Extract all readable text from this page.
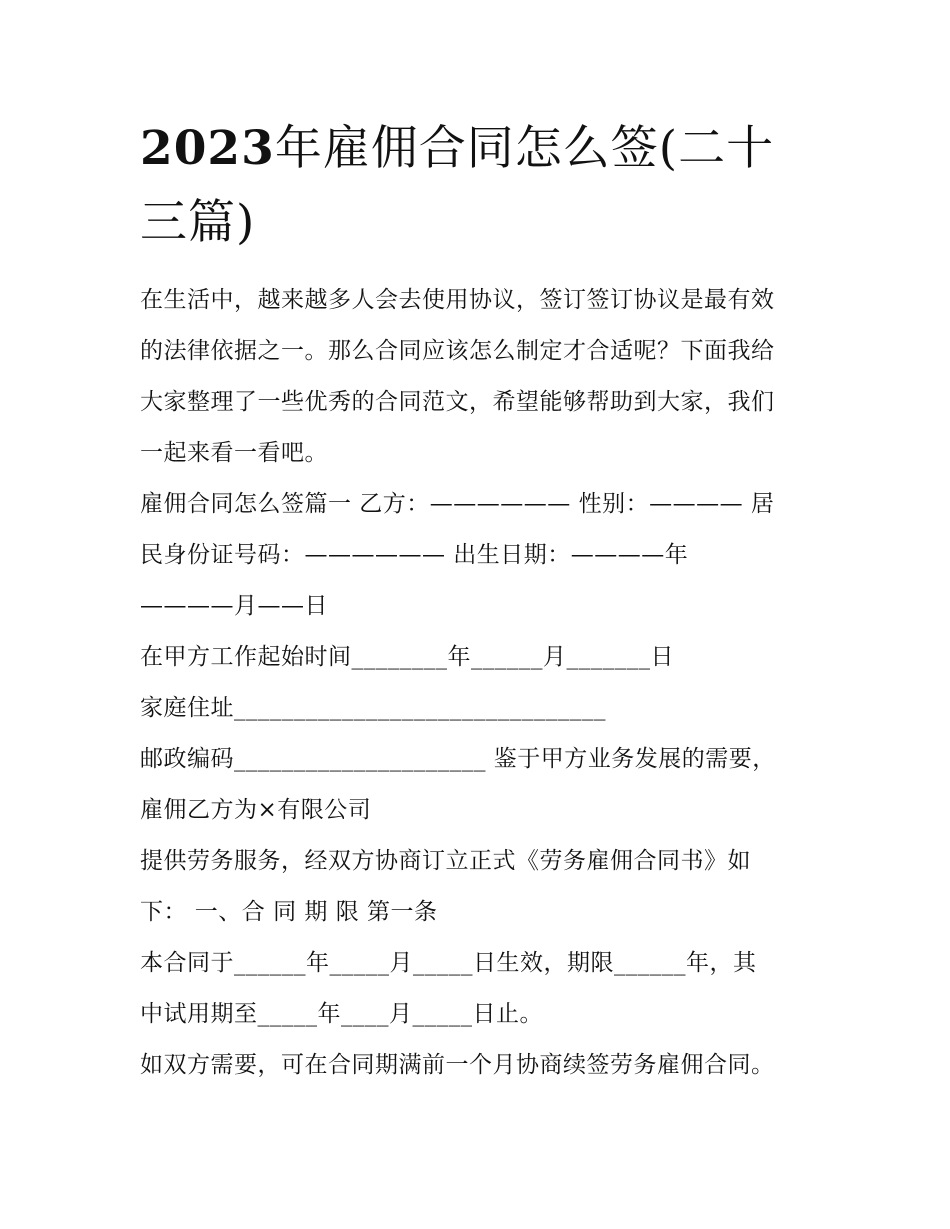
2023年雇佣合同怎么签(二十
三篇)
在生活中，越来越多人会去使用协议，签订签订协议是最有效
的法律依据之一。那么合同应该怎么制定才合适呢？下面我给
大家整理了一些优秀的合同范文，希望能够帮助到大家，我们
一起来看一看吧。
雇佣合同怎么签篇一 乙方：—————— 性别：———— 居
民身份证号码：—————— 出生日期：————年
————月——日
在甲方工作起始时间________年______月_______日
家庭住址_______________________________
邮政编码_____________________ 鉴于甲方业务发展的需要，
雇佣乙方为×有限公司
提供劳务服务，经双方协商订立正式《劳务雇佣合同书》如
下： 一、合 同 期 限 第一条
本合同于______年_____月_____日生效，期限______年，其
中试用期至_____年____月_____日止。
如双方需要，可在合同期满前一个月协商续签劳务雇佣合同。
